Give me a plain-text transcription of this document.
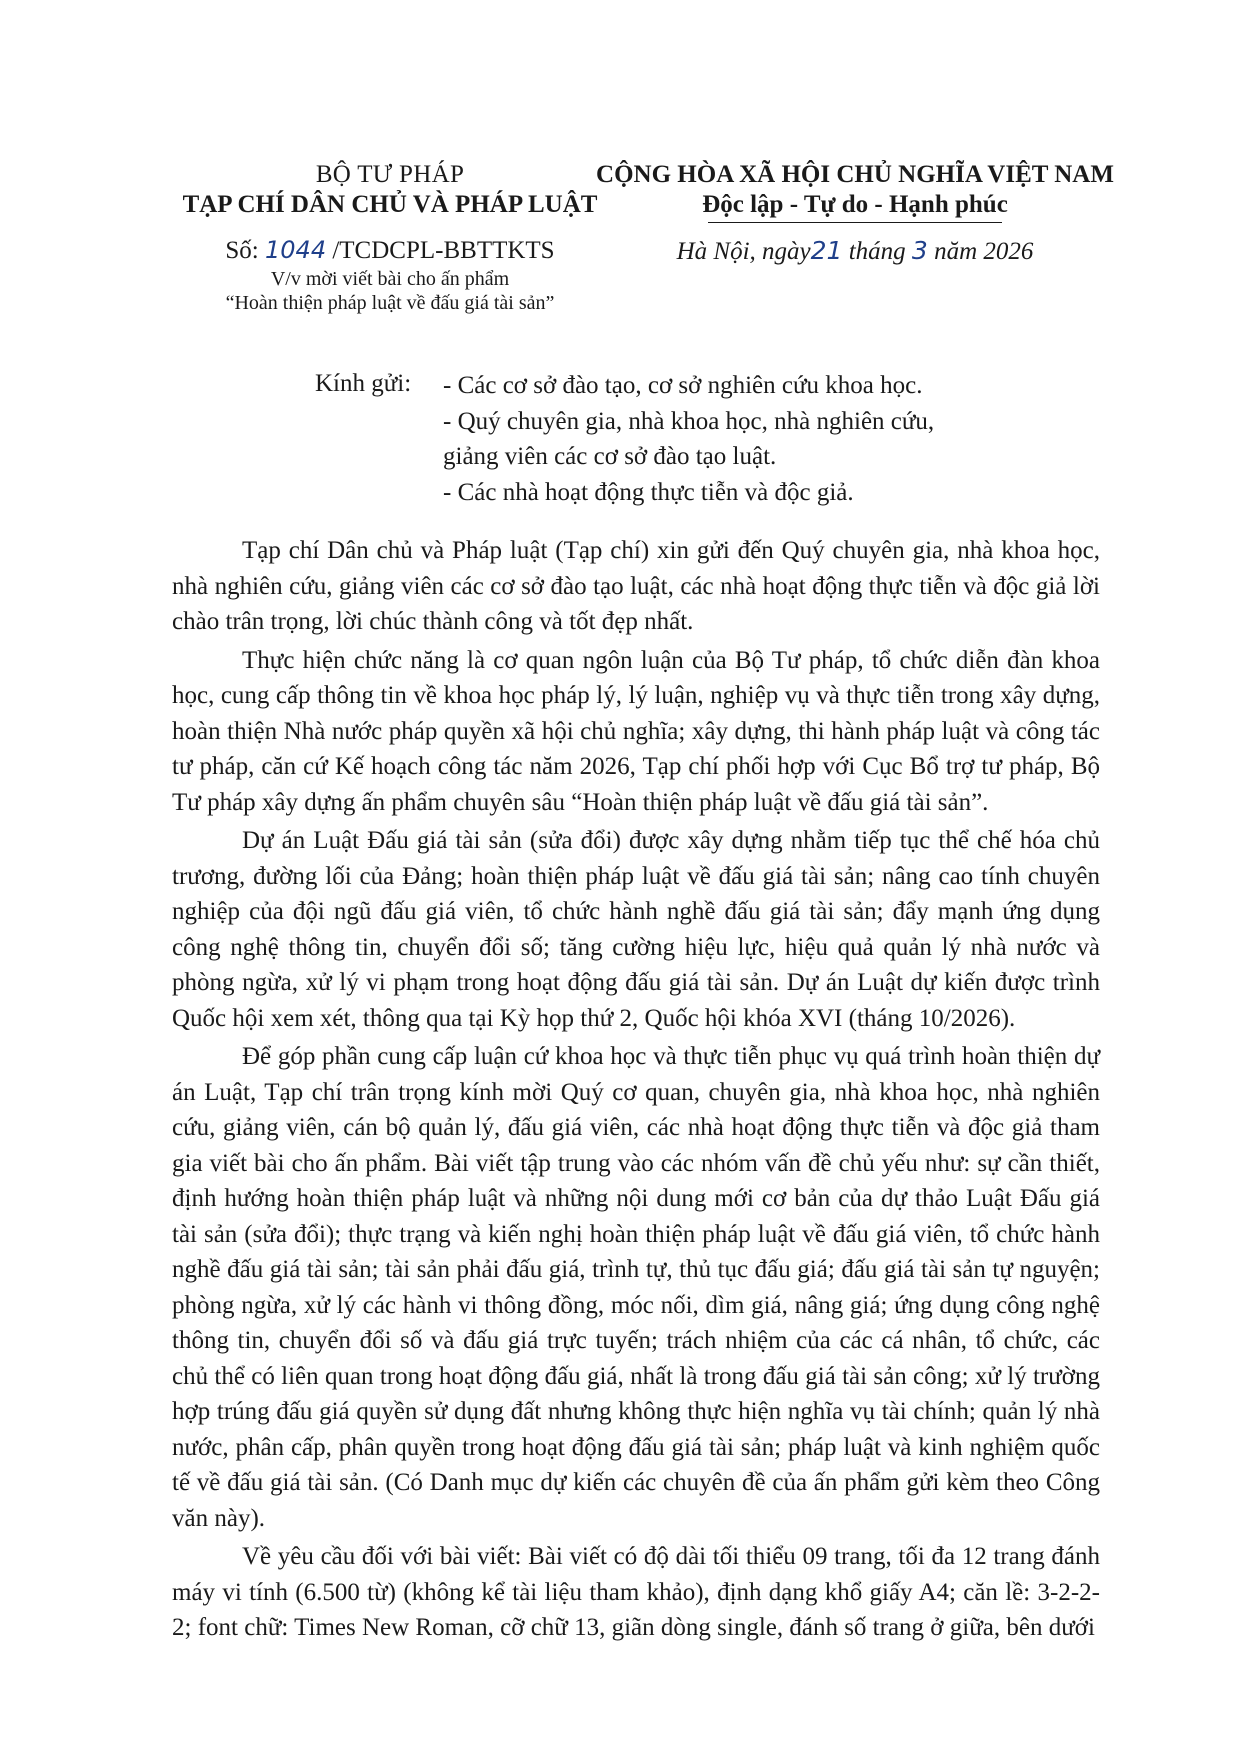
BỘ TƯ PHÁP
TẠP CHÍ DÂN CHỦ VÀ PHÁP LUẬT
Số: 1044 /TCDCPL-BBTTKTS
V/v mời viết bài cho ấn phẩm
“Hoàn thiện pháp luật về đấu giá tài sản”
CỘNG HÒA XÃ HỘI CHỦ NGHĨA VIỆT NAM
Độc lập - Tự do - Hạnh phúc
Hà Nội, ngày21 tháng 3 năm 2026
Kính gửi: - Các cơ sở đào tạo, cơ sở nghiên cứu khoa học.
- Quý chuyên gia, nhà khoa học, nhà nghiên cứu,
giảng viên các cơ sở đào tạo luật.
- Các nhà hoạt động thực tiễn và độc giả.

Tạp chí Dân chủ và Pháp luật (Tạp chí) xin gửi đến Quý chuyên gia, nhà khoa học, nhà nghiên cứu, giảng viên các cơ sở đào tạo luật, các nhà hoạt động thực tiễn và độc giả lời chào trân trọng, lời chúc thành công và tốt đẹp nhất.

Thực hiện chức năng là cơ quan ngôn luận của Bộ Tư pháp, tổ chức diễn đàn khoa học, cung cấp thông tin về khoa học pháp lý, lý luận, nghiệp vụ và thực tiễn trong xây dựng, hoàn thiện Nhà nước pháp quyền xã hội chủ nghĩa; xây dựng, thi hành pháp luật và công tác tư pháp, căn cứ Kế hoạch công tác năm 2026, Tạp chí phối hợp với Cục Bổ trợ tư pháp, Bộ Tư pháp xây dựng ấn phẩm chuyên sâu “Hoàn thiện pháp luật về đấu giá tài sản”.

Dự án Luật Đấu giá tài sản (sửa đổi) được xây dựng nhằm tiếp tục thể chế hóa chủ trương, đường lối của Đảng; hoàn thiện pháp luật về đấu giá tài sản; nâng cao tính chuyên nghiệp của đội ngũ đấu giá viên, tổ chức hành nghề đấu giá tài sản; đẩy mạnh ứng dụng công nghệ thông tin, chuyển đổi số; tăng cường hiệu lực, hiệu quả quản lý nhà nước và phòng ngừa, xử lý vi phạm trong hoạt động đấu giá tài sản. Dự án Luật dự kiến được trình Quốc hội xem xét, thông qua tại Kỳ họp thứ 2, Quốc hội khóa XVI (tháng 10/2026).

Để góp phần cung cấp luận cứ khoa học và thực tiễn phục vụ quá trình hoàn thiện dự án Luật, Tạp chí trân trọng kính mời Quý cơ quan, chuyên gia, nhà khoa học, nhà nghiên cứu, giảng viên, cán bộ quản lý, đấu giá viên, các nhà hoạt động thực tiễn và độc giả tham gia viết bài cho ấn phẩm. Bài viết tập trung vào các nhóm vấn đề chủ yếu như: sự cần thiết, định hướng hoàn thiện pháp luật và những nội dung mới cơ bản của dự thảo Luật Đấu giá tài sản (sửa đổi); thực trạng và kiến nghị hoàn thiện pháp luật về đấu giá viên, tổ chức hành nghề đấu giá tài sản; tài sản phải đấu giá, trình tự, thủ tục đấu giá; đấu giá tài sản tự nguyện; phòng ngừa, xử lý các hành vi thông đồng, móc nối, dìm giá, nâng giá; ứng dụng công nghệ thông tin, chuyển đổi số và đấu giá trực tuyến; trách nhiệm của các cá nhân, tổ chức, các chủ thể có liên quan trong hoạt động đấu giá, nhất là trong đấu giá tài sản công; xử lý trường hợp trúng đấu giá quyền sử dụng đất nhưng không thực hiện nghĩa vụ tài chính; quản lý nhà nước, phân cấp, phân quyền trong hoạt động đấu giá tài sản; pháp luật và kinh nghiệm quốc tế về đấu giá tài sản. (Có Danh mục dự kiến các chuyên đề của ấn phẩm gửi kèm theo Công văn này).

Về yêu cầu đối với bài viết: Bài viết có độ dài tối thiểu 09 trang, tối đa 12 trang đánh máy vi tính (6.500 từ) (không kể tài liệu tham khảo), định dạng khổ giấy A4; căn lề: 3-2-2-2; font chữ: Times New Roman, cỡ chữ 13, giãn dòng single, đánh số trang ở giữa, bên dưới
